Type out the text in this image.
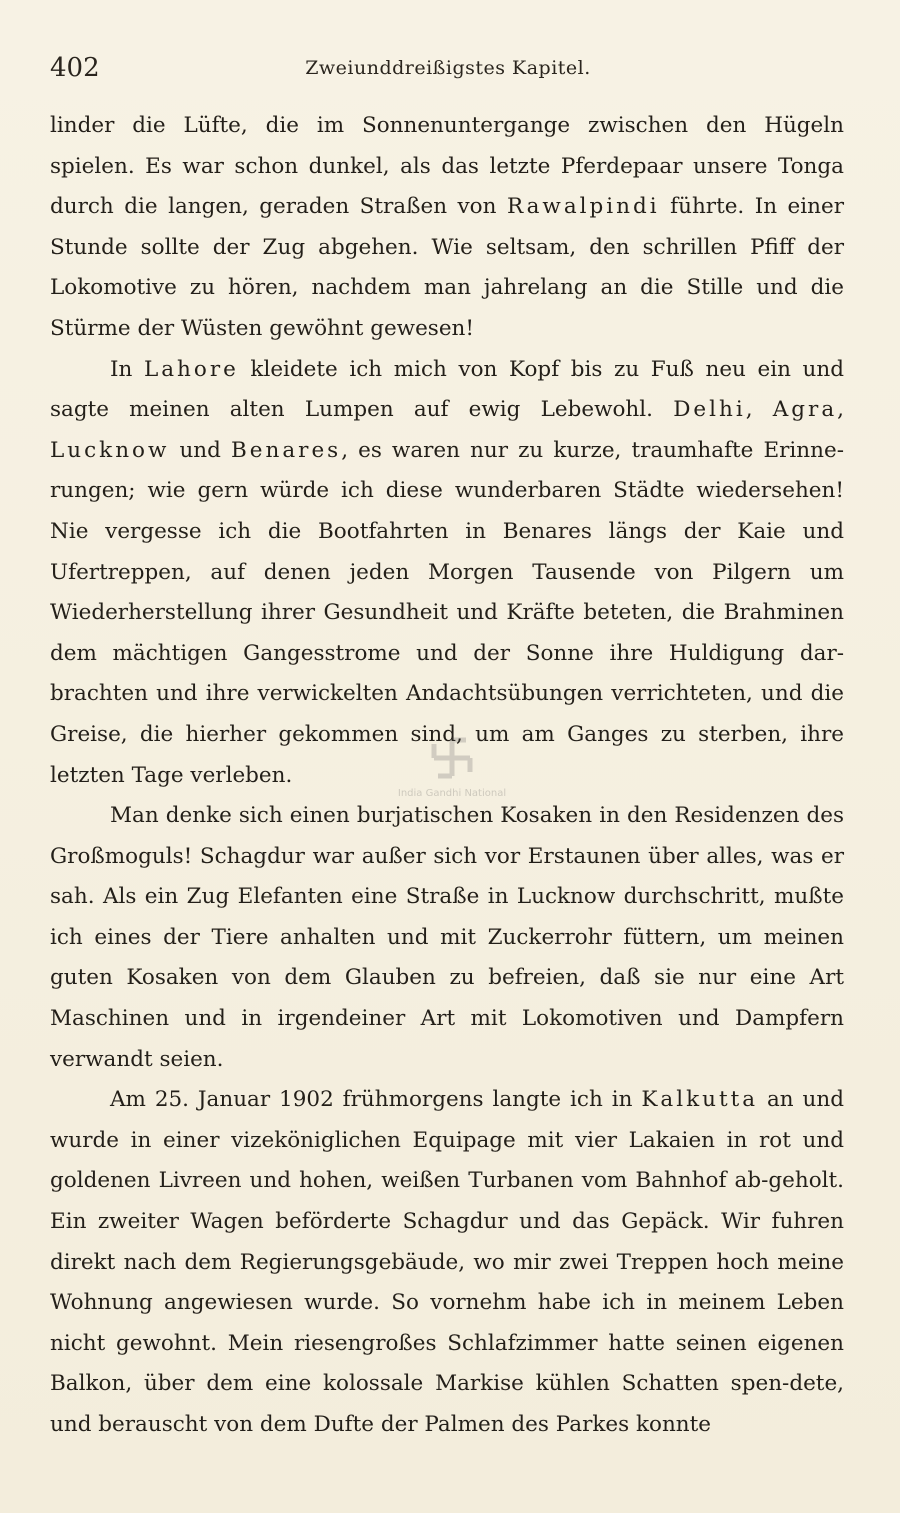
402	Zweiunddreißigstes Kapitel.

linder die Lüfte, die im Sonnenuntergange zwischen den Hügeln spielen. Es war schon dunkel, als das letzte Pferdepaar unsere Tonga durch die langen, geraden Straßen von Rawalpindi führte. In einer Stunde sollte der Zug abgehen. Wie seltsam, den schrillen Pfiff der Lokomotive zu hören, nachdem man jahrelang an die Stille und die Stürme der Wüsten gewöhnt gewesen!

In Lahore kleidete ich mich von Kopf bis zu Fuß neu ein und sagte meinen alten Lumpen auf ewig Lebewohl. Delhi, Agra, Lucknow und Benares, es waren nur zu kurze, traumhafte Erinne-rungen; wie gern würde ich diese wunderbaren Städte wiedersehen! Nie vergesse ich die Bootfahrten in Benares längs der Kaie und Ufertreppen, auf denen jeden Morgen Tausende von Pilgern um Wiederherstellung ihrer Gesundheit und Kräfte beteten, die Brahminen dem mächtigen Gangesstrome und der Sonne ihre Huldigung dar-brachten und ihre verwickelten Andachtsübungen verrichteten, und die Greise, die hierher gekommen sind, um am Ganges zu sterben, ihre letzten Tage verleben.

Man denke sich einen burjatischen Kosaken in den Residenzen des Großmoguls! Schagdur war außer sich vor Erstaunen über alles, was er sah. Als ein Zug Elefanten eine Straße in Lucknow durchschritt, mußte ich eines der Tiere anhalten und mit Zuckerrohr füttern, um meinen guten Kosaken von dem Glauben zu befreien, daß sie nur eine Art Maschinen und in irgendeiner Art mit Lokomotiven und Dampfern verwandt seien.

Am 25. Januar 1902 frühmorgens langte ich in Kalkutta an und wurde in einer vizeköniglichen Equipage mit vier Lakaien in rot und goldenen Livreen und hohen, weißen Turbanen vom Bahnhof ab-geholt. Ein zweiter Wagen beförderte Schagdur und das Gepäck. Wir fuhren direkt nach dem Regierungsgebäude, wo mir zwei Treppen hoch meine Wohnung angewiesen wurde. So vornehm habe ich in meinem Leben nicht gewohnt. Mein riesengroßes Schlafzimmer hatte seinen eigenen Balkon, über dem eine kolossale Markise kühlen Schatten spen-dete, und berauscht von dem Dufte der Palmen des Parkes konnte

India Gandhi National
